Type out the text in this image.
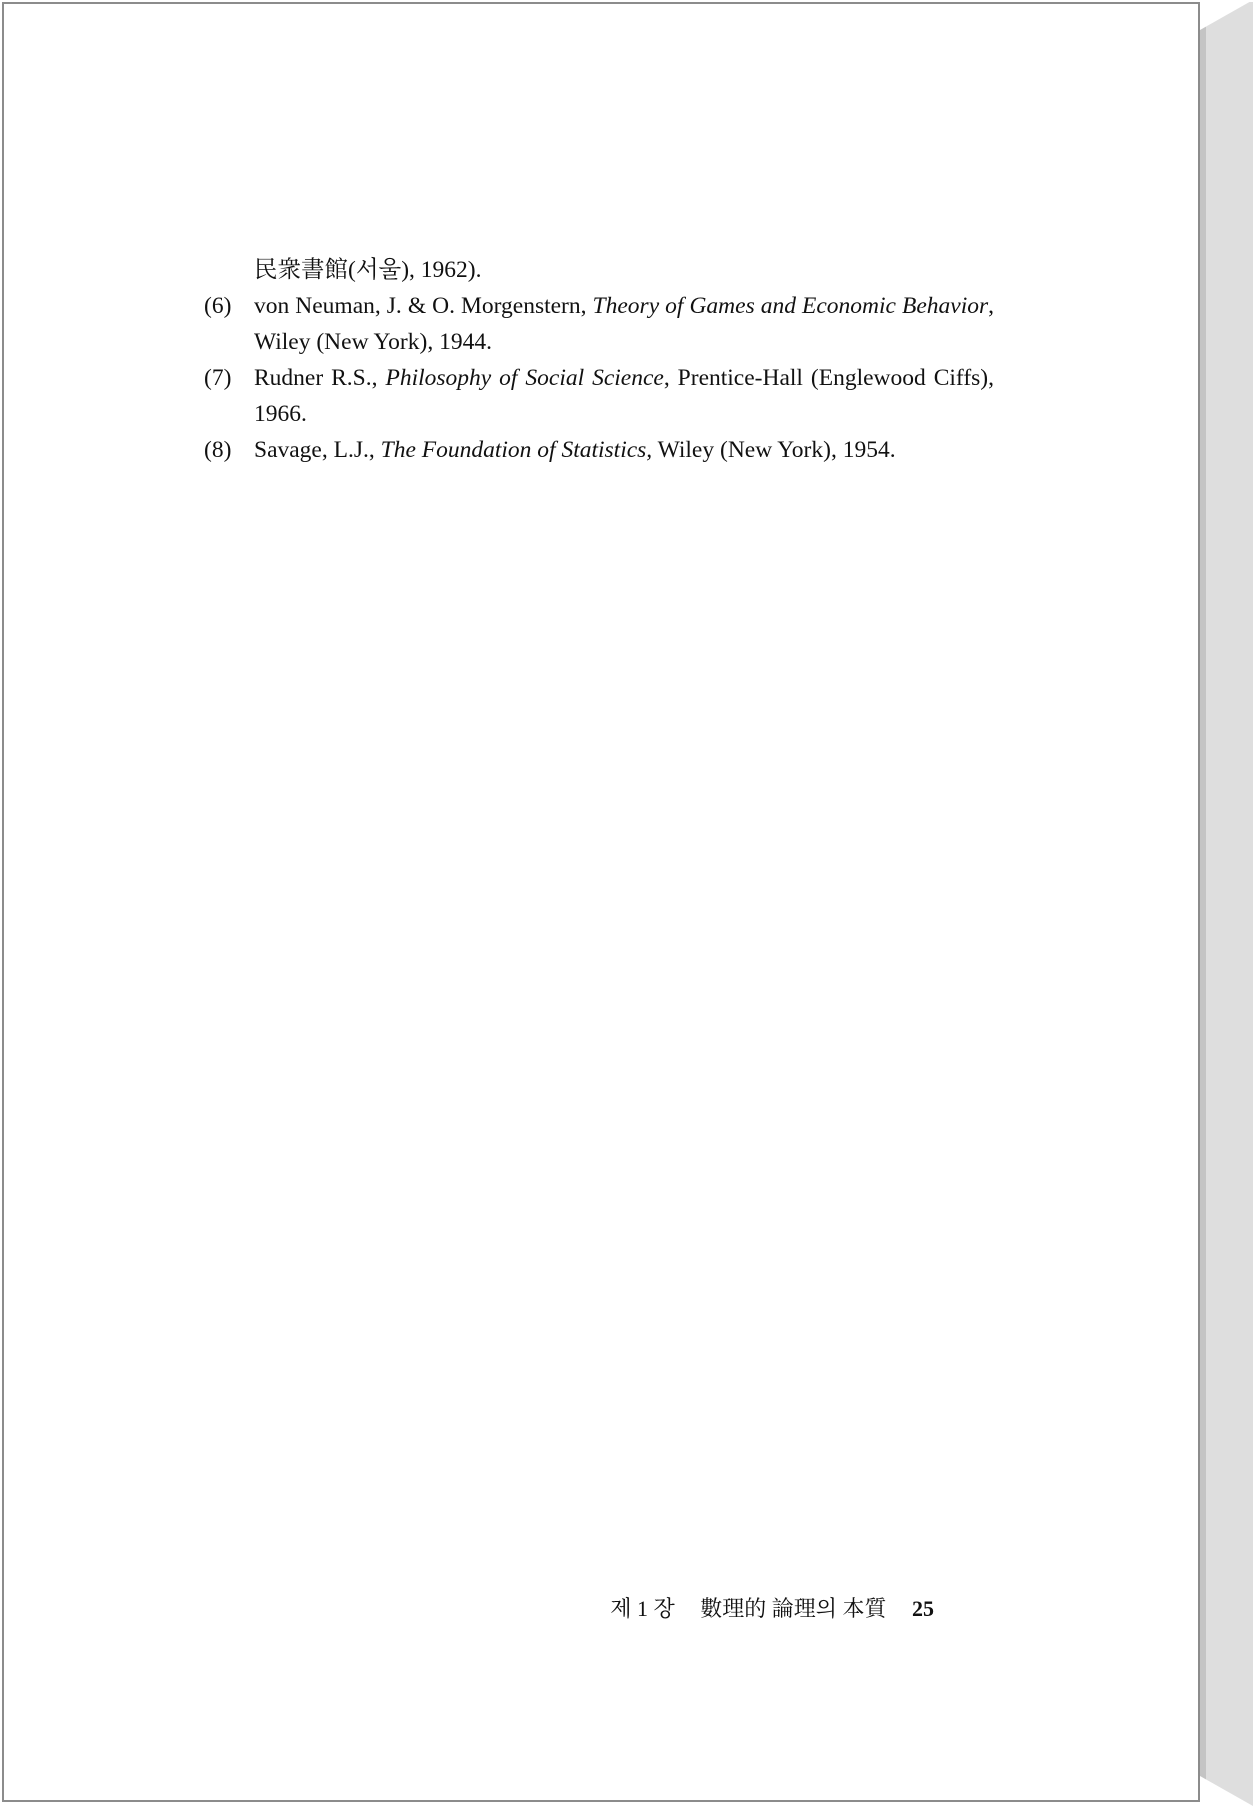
民衆書館(서울), 1962).

(6) von Neuman, J. & O. Morgenstern, Theory of Games and Economic Behavior, Wiley (New York), 1944.

(7) Rudner R.S., Philosophy of Social Science, Prentice-Hall (Englewood Ciffs), 1966.

(8) Savage, L.J., The Foundation of Statistics, Wiley (New York), 1954.

제 1 장 數理的 論理의 本質 25
